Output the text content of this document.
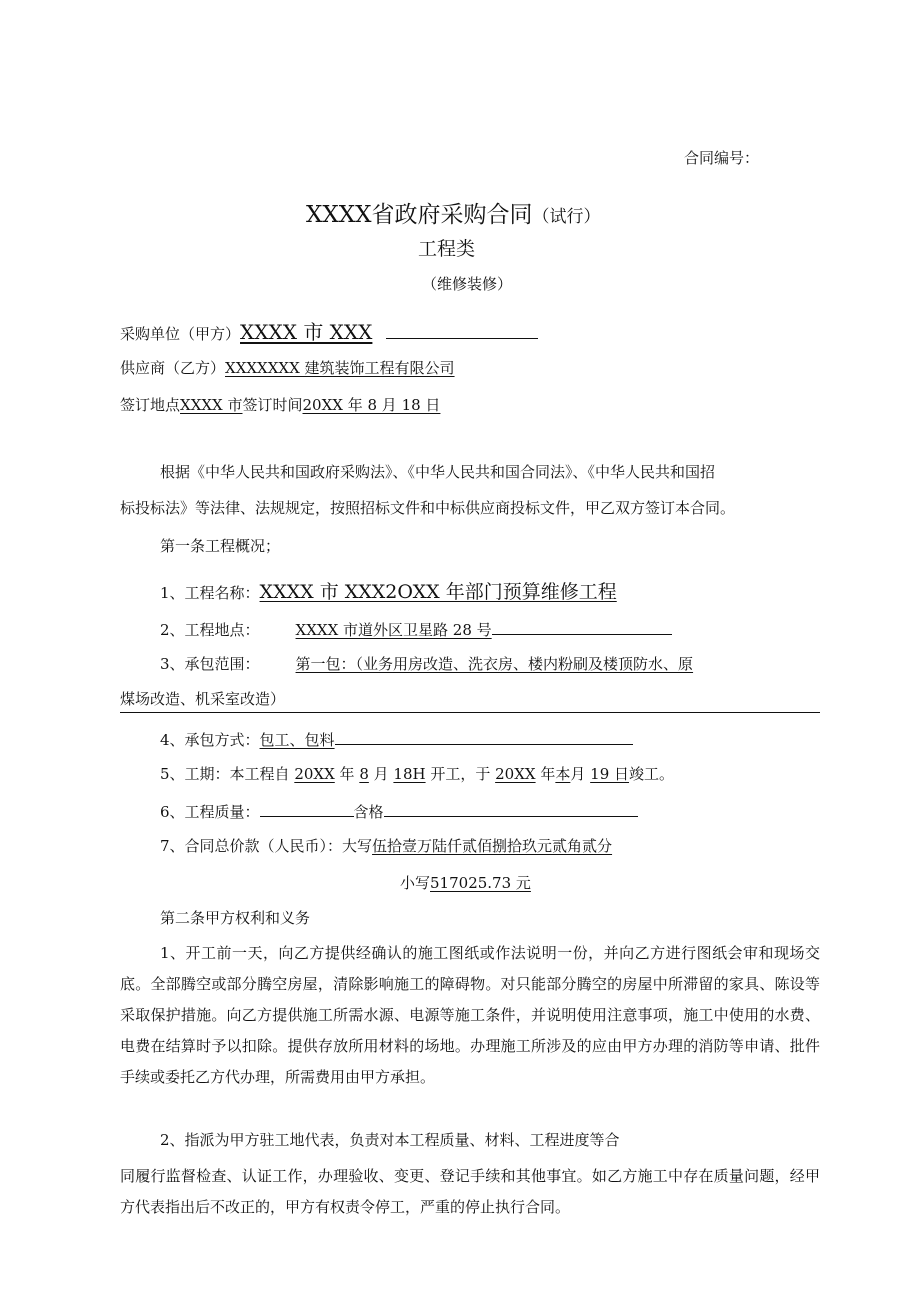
合同编号：
XXXX省政府采购合同（试行）
工程类
（维修装修）
采购单位（甲方）XXXX 市 XXX
供应商（乙方）XXXXXXX 建筑装饰工程有限公司
签订地点XXXX 市签订时间20XX 年 8 月 18 日
根据《中华人民共和国政府采购法》、《中华人民共和国合同法》、《中华人民共和国招
标投标法》等法律、法规规定，按照招标文件和中标供应商投标文件，甲乙双方签订本合同。
第一条工程概况；
1、工程名称：XXXX 市 XXX2OXX 年部门预算维修工程
2、工程地点： XXXX 市道外区卫星路 28 号
3、承包范围： 第一包：（业务用房改造、洗衣房、楼内粉刷及楼顶防水、原
煤场改造、机采室改造）
4、承包方式：包工、包料
5、工期：本工程自 20XX 年 8 月 18H 开工，于 20XX 年本月 19 日竣工。
6、工程质量：	含格
7、合同总价款（人民币）：大写伍拾壹万陆仟贰佰捌拾玖元贰角贰分
小写517025.73 元
第二条甲方权利和义务
1、开工前一天，向乙方提供经确认的施工图纸或作法说明一份，并向乙方进行图纸会审和现场交底。全部腾空或部分腾空房屋，清除影响施工的障碍物。对只能部分腾空的房屋中所滞留的家具、陈设等采取保护措施。向乙方提供施工所需水源、电源等施工条件，并说明使用注意事项，施工中使用的水费、电费在结算时予以扣除。提供存放所用材料的场地。办理施工所涉及的应由甲方办理的消防等申请、批件手续或委托乙方代办理，所需费用由甲方承担。
2、指派为甲方驻工地代表，负责对本工程质量、材料、工程进度等合
同履行监督检查、认证工作，办理验收、变更、登记手续和其他事宜。如乙方施工中存在质量问题，经甲方代表指出后不改正的，甲方有权责令停工，严重的停止执行合同。
